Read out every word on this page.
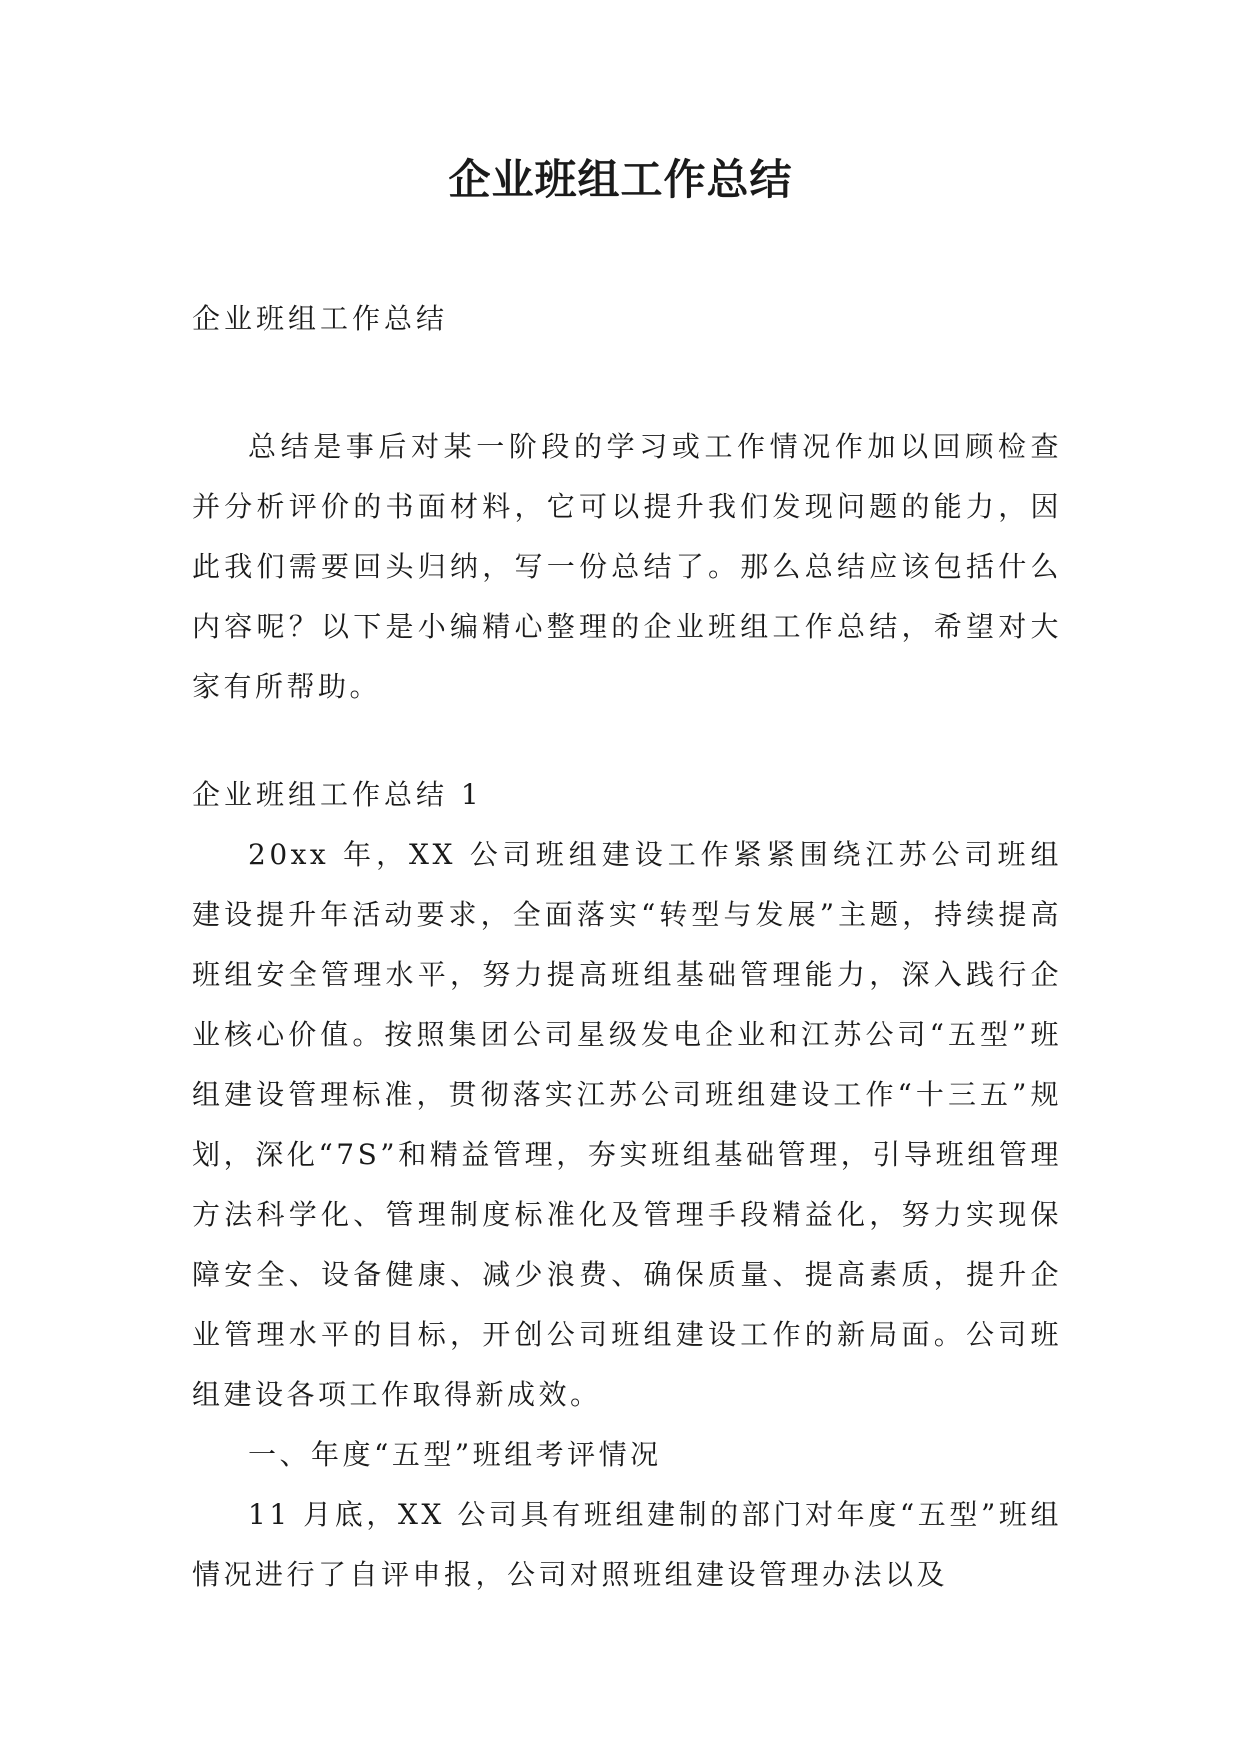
企业班组工作总结

企业班组工作总结

总结是事后对某一阶段的学习或工作情况作加以回顾检查并分析评价的书面材料，它可以提升我们发现问题的能力，因此我们需要回头归纳，写一份总结了。那么总结应该包括什么内容呢？以下是小编精心整理的企业班组工作总结，希望对大家有所帮助。

企业班组工作总结 1

20xx 年，XX 公司班组建设工作紧紧围绕江苏公司班组建设提升年活动要求，全面落实“转型与发展”主题，持续提高班组安全管理水平，努力提高班组基础管理能力，深入践行企业核心价值。按照集团公司星级发电企业和江苏公司“五型”班组建设管理标准，贯彻落实江苏公司班组建设工作“十三五”规划，深化“7S”和精益管理，夯实班组基础管理，引导班组管理方法科学化、管理制度标准化及管理手段精益化，努力实现保障安全、设备健康、减少浪费、确保质量、提高素质，提升企业管理水平的目标，开创公司班组建设工作的新局面。公司班组建设各项工作取得新成效。

一、年度“五型”班组考评情况

11 月底，XX 公司具有班组建制的部门对年度“五型”班组情况进行了自评申报，公司对照班组建设管理办法以及
